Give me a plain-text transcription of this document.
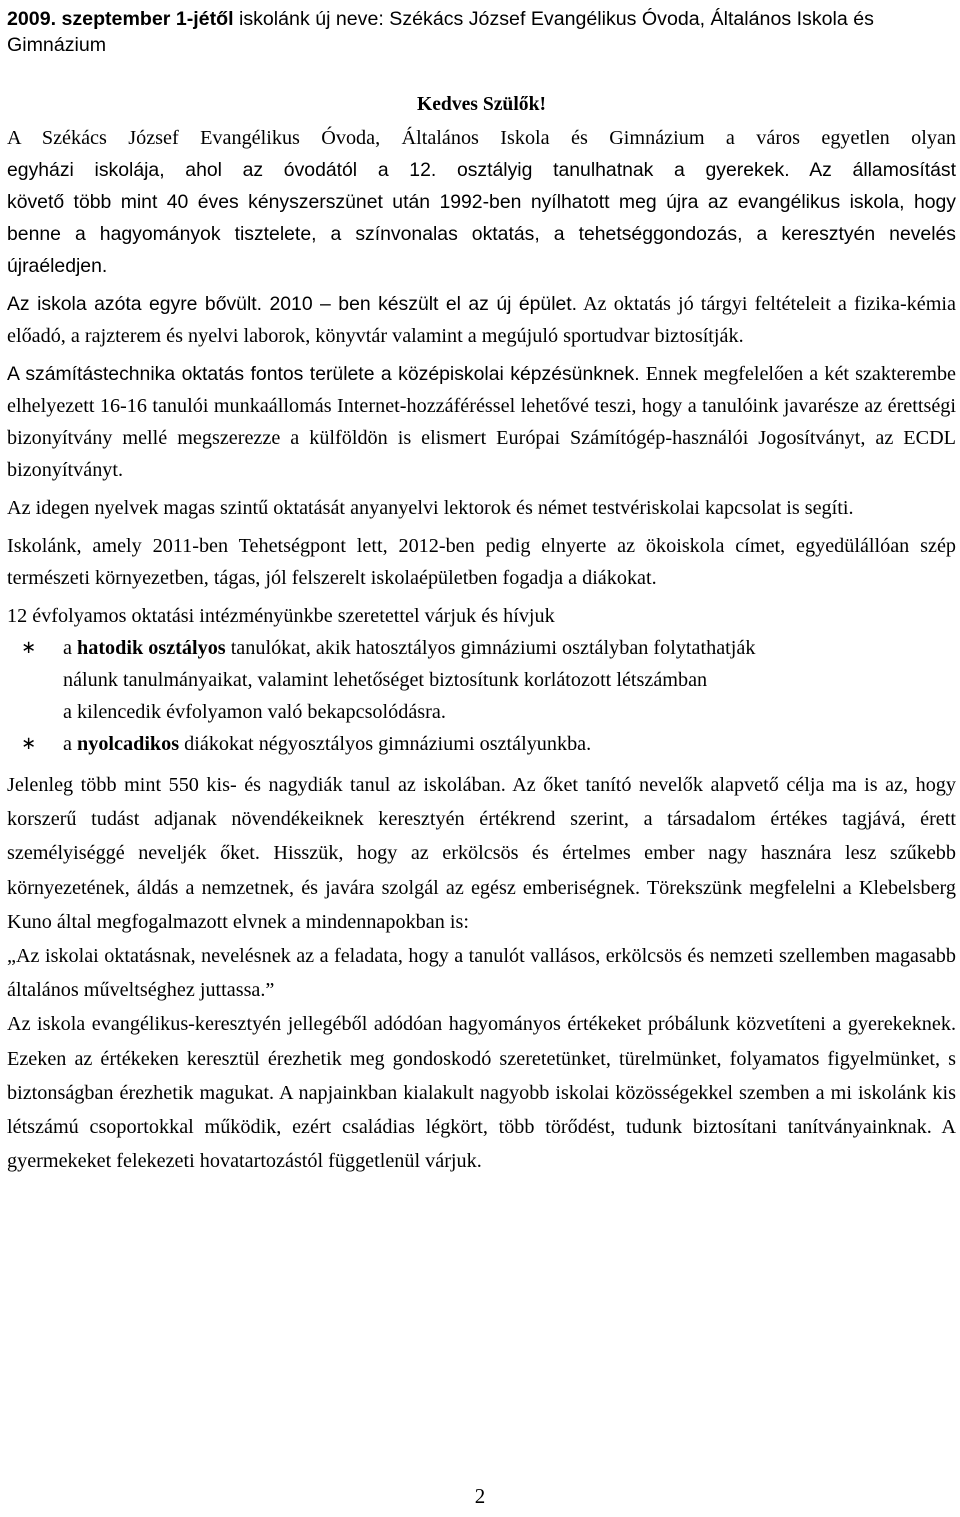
2009. szeptember 1-jétől iskolánk új neve: Székács József Evangélikus Óvoda, Általános Iskola és Gimnázium

Kedves Szülők!

A Székács József Evangélikus Óvoda, Általános Iskola és Gimnázium a város egyetlen olyan
egyházi iskolája, ahol az óvodától a 12. osztályig tanulhatnak a gyerekek. Az államosítást
követő több mint 40 éves kényszerszünet után 1992-ben nyílhatott meg újra az evangélikus iskola, hogy benne a hagyományok tisztelete, a színvonalas oktatás, a tehetséggondozás, a keresztyén nevelés újraéledjen.

Az iskola azóta egyre bővült. 2010 – ben készült el az új épület. Az oktatás jó tárgyi feltételeit a fizika-kémia előadó, a rajzterem és nyelvi laborok, könyvtár valamint a megújuló sportudvar biztosítják.

A számítástechnika oktatás fontos területe a középiskolai képzésünknek. Ennek megfelelően a két szakterembe elhelyezett 16-16 tanulói munkaállomás Internet-hozzáféréssel lehetővé teszi, hogy a tanulóink javarésze az érettségi bizonyítvány mellé megszerezze a külföldön is elismert Európai Számítógép-használói Jogosítványt, az ECDL bizonyítványt.

Az idegen nyelvek magas szintű oktatását anyanyelvi lektorok és német testvériskolai kapcsolat is segíti.

Iskolánk, amely 2011-ben Tehetségpont lett, 2012-ben pedig elnyerte az ökoiskola címet, egyedülállóan szép természeti környezetben, tágas, jól felszerelt iskolaépületben fogadja a diákokat.

12 évfolyamos oktatási intézményünkbe szeretettel várjuk és hívjuk

∗ a hatodik osztályos tanulókat, akik hatosztályos gimnáziumi osztályban folytathatják
nálunk tanulmányaikat, valamint lehetőséget biztosítunk korlátozott létszámban
a kilencedik évfolyamon való bekapcsolódásra.
∗ a nyolcadikos diákokat négyosztályos gimnáziumi osztályunkba.

Jelenleg több mint 550 kis- és nagydiák tanul az iskolában. Az őket tanító nevelők alapvető célja ma is az, hogy korszerű tudást adjanak növendékeiknek keresztyén értékrend szerint, a társadalom értékes tagjává, érett személyiséggé neveljék őket. Hisszük, hogy az erkölcsös és értelmes ember nagy hasznára lesz szűkebb környezetének, áldás a nemzetnek, és javára szolgál az egész emberiségnek. Törekszünk megfelelni a Klebelsberg Kuno által megfogalmazott elvnek a mindennapokban is:

„Az iskolai oktatásnak, nevelésnek az a feladata, hogy a tanulót vallásos, erkölcsös és nemzeti szellemben magasabb általános műveltséghez juttassa.”

Az iskola evangélikus-keresztyén jellegéből adódóan hagyományos értékeket próbálunk közvetíteni a gyerekeknek. Ezeken az értékeken keresztül érezhetik meg gondoskodó szeretetünket, türelmünket, folyamatos figyelmünket, s biztonságban érezhetik magukat. A napjainkban kialakult nagyobb iskolai közösségekkel szemben a mi iskolánk kis létszámú csoportokkal működik, ezért családias légkört, több törődést, tudunk biztosítani tanítványainknak. A gyermekeket felekezeti hovatartozástól függetlenül várjuk.

2
